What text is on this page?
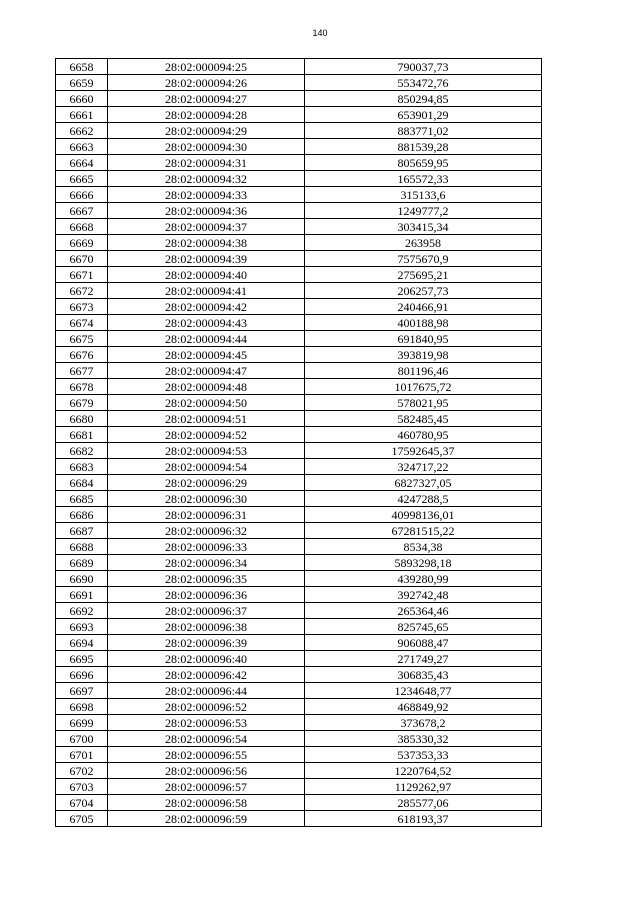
140
6658	28:02:000094:25	790037,73
6659	28:02:000094:26	553472,76
6660	28:02:000094:27	850294,85
6661	28:02:000094:28	653901,29
6662	28:02:000094:29	883771,02
6663	28:02:000094:30	881539,28
6664	28:02:000094:31	805659,95
6665	28:02:000094:32	165572,33
6666	28:02:000094:33	315133,6
6667	28:02:000094:36	1249777,2
6668	28:02:000094:37	303415,34
6669	28:02:000094:38	263958
6670	28:02:000094:39	7575670,9
6671	28:02:000094:40	275695,21
6672	28:02:000094:41	206257,73
6673	28:02:000094:42	240466,91
6674	28:02:000094:43	400188,98
6675	28:02:000094:44	691840,95
6676	28:02:000094:45	393819,98
6677	28:02:000094:47	801196,46
6678	28:02:000094:48	1017675,72
6679	28:02:000094:50	578021,95
6680	28:02:000094:51	582485,45
6681	28:02:000094:52	460780,95
6682	28:02:000094:53	17592645,37
6683	28:02:000094:54	324717,22
6684	28:02:000096:29	6827327,05
6685	28:02:000096:30	4247288,5
6686	28:02:000096:31	40998136,01
6687	28:02:000096:32	67281515,22
6688	28:02:000096:33	8534,38
6689	28:02:000096:34	5893298,18
6690	28:02:000096:35	439280,99
6691	28:02:000096:36	392742,48
6692	28:02:000096:37	265364,46
6693	28:02:000096:38	825745,65
6694	28:02:000096:39	906088,47
6695	28:02:000096:40	271749,27
6696	28:02:000096:42	306835,43
6697	28:02:000096:44	1234648,77
6698	28:02:000096:52	468849,92
6699	28:02:000096:53	373678,2
6700	28:02:000096:54	385330,32
6701	28:02:000096:55	537353,33
6702	28:02:000096:56	1220764,52
6703	28:02:000096:57	1129262,97
6704	28:02:000096:58	285577,06
6705	28:02:000096:59	618193,37
